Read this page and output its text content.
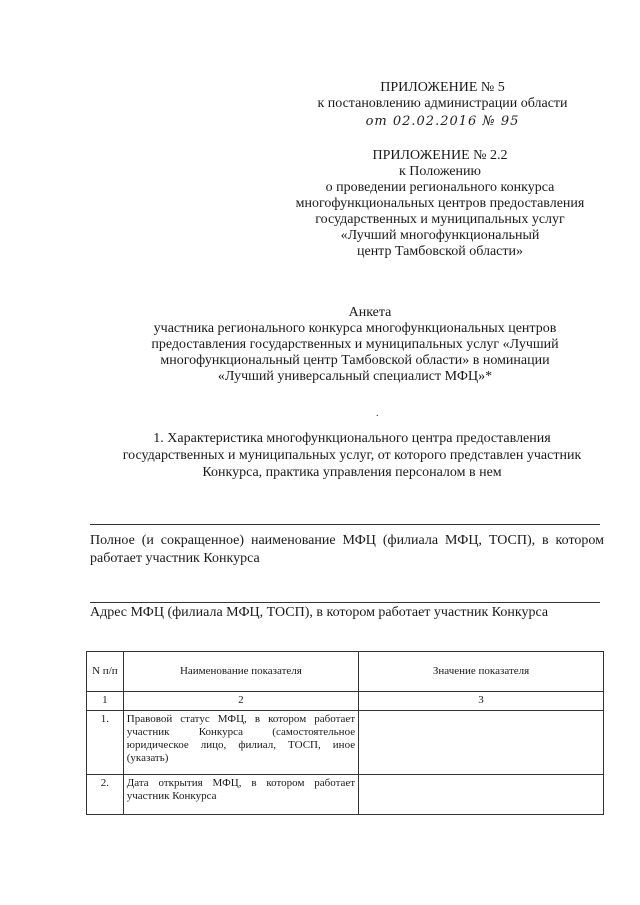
ПРИЛОЖЕНИЕ № 5
к постановлению администрации области
от 02.02.2016 № 95
ПРИЛОЖЕНИЕ № 2.2
к Положению
о проведении регионального конкурса
многофункциональных центров предоставления
государственных и муниципальных услуг
«Лучший многофункциональный
центр Тамбовской области»
Анкета
участника регионального конкурса многофункциональных центров
предоставления государственных и муниципальных услуг «Лучший
многофункциональный центр Тамбовской области» в номинации
«Лучший универсальный специалист МФЦ»*
.
1. Характеристика многофункционального центра предоставления
государственных и муниципальных услуг, от которого представлен участник
Конкурса, практика управления персоналом в нем
Полное (и сокращенное) наименование МФЦ (филиала МФЦ, ТОСП), в котором работает участник Конкурса
Адрес МФЦ (филиала МФЦ, ТОСП), в котором работает участник Конкурса
N п/п	Наименование показателя	Значение показателя
1	2	3
1.	Правовой статус МФЦ, в котором работает участник Конкурса (самостоятельное юридическое лицо, филиал, ТОСП, иное (указать)	
2.	Дата открытия МФЦ, в котором работает участник Конкурса	
